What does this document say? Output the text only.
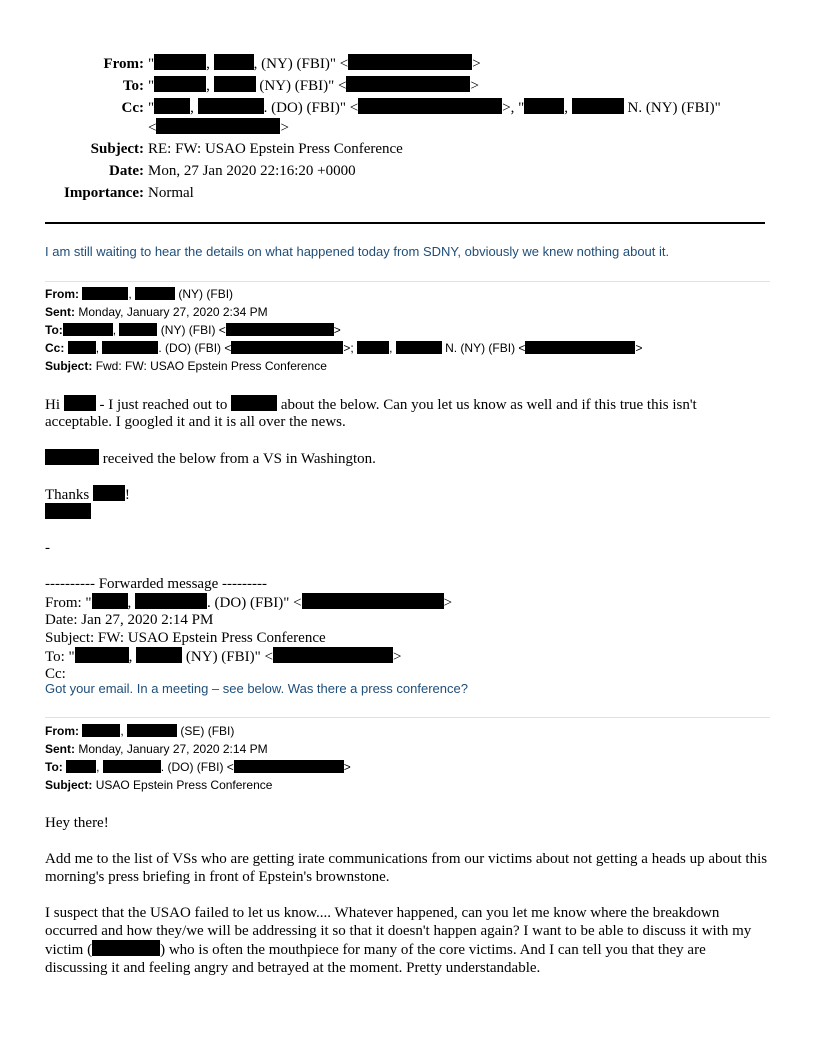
From: "	,	, (NY) (FBI)" <	>
To: "	,	(NY) (FBI)" <	>
Cc: " ,	. (DO) (FBI)" <	>, "	,	N. (NY) (FBI)"
<	>
Subject: RE: FW: USAO Epstein Press Conference
Date: Mon, 27 Jan 2020 22:16:20 +0000
Importance: Normal
I am still waiting to hear the details on what happened today from SDNY, obviously we knew nothing about it.
From:	,	(NY) (FBI)
Sent: Monday, January 27, 2020 2:34 PM
To:	,	(NY) (FBI) <	>
Cc:	,	. (DO) (FBI) <	>;	,	N. (NY) (FBI) <	>
Subject: Fwd: FW: USAO Epstein Press Conference
Hi	- I just reached out to	about the below. Can you let us know as well and if this true this isn't
acceptable. I googled it and it is all over the news.
received the below from a VS in Washington.
Thanks !
-
---------- Forwarded message ---------
From: " ,	. (DO) (FBI)" <	>
Date: Jan 27, 2020 2:14 PM
Subject: FW: USAO Epstein Press Conference
To: "	,	(NY) (FBI)" <	>
Cc:
Got your email. In a meeting – see below. Was there a press conference?
From:	,	(SE) (FBI)
Sent: Monday, January 27, 2020 2:14 PM
To:	,	. (DO) (FBI) <	>
Subject: USAO Epstein Press Conference
Hey there!
Add me to the list of VSs who are getting irate communications from our victims about not getting a heads up about this morning's press briefing in front of Epstein's brownstone.
I suspect that the USAO failed to let us know.... Whatever happened, can you let me know where the breakdown occurred and how they/we will be addressing it so that it doesn't happen again? I want to be able to discuss it with my victim (	) who is often the mouthpiece for many of the core victims. And I can tell you that they are discussing it and feeling angry and betrayed at the moment. Pretty understandable.
